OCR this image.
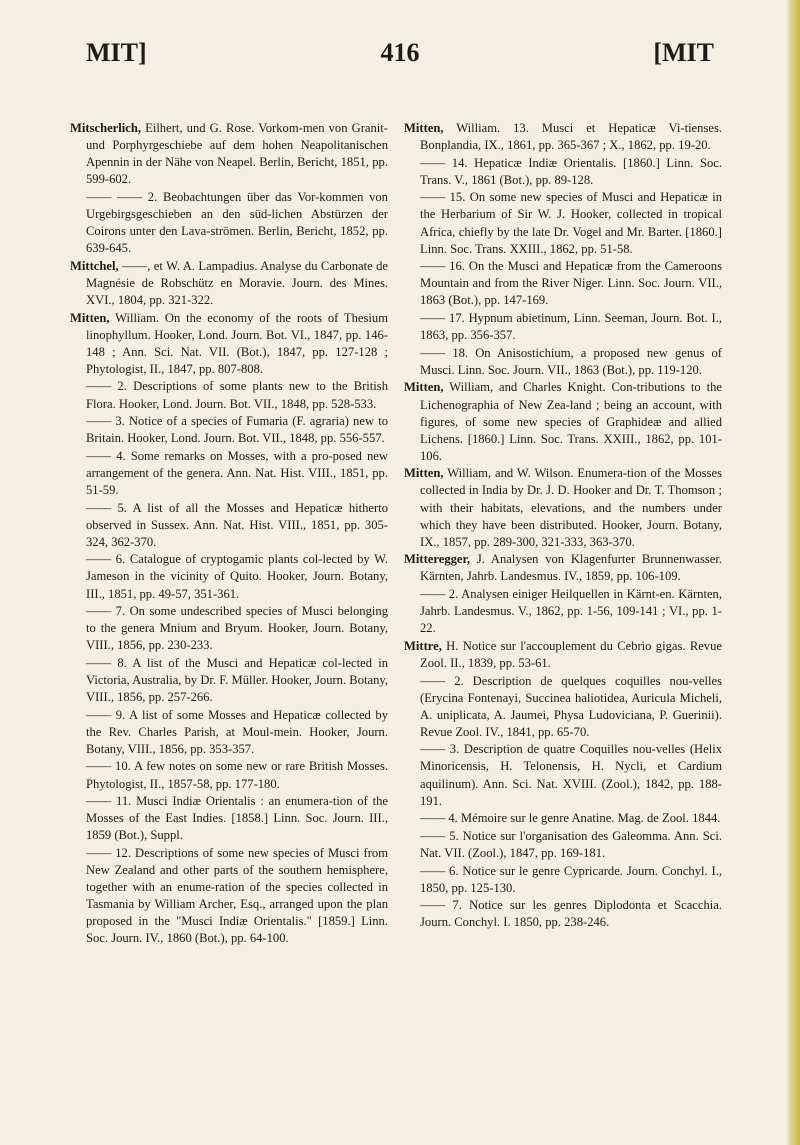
MIT]	416	[MIT

Mitscherlich, Eilhert, und G. Rose. Vorkom-men von Granit- und Porphyrgeschiebe auf dem hohen Neapolitanischen Apennin in der Nähe von Neapel. Berlin, Bericht, 1851, pp. 599-602.

—— —— 2. Beobachtungen über das Vor-kommen von Urgebirgsgeschieben an den süd-lichen Abstürzen der Coirons unter den Lava-strömen. Berlin, Bericht, 1852, pp. 639-645.

Mittchel, ——, et W. A. Lampadius. Analyse du Carbonate de Magnésie de Robschütz en Moravie. Journ. des Mines. XVI., 1804, pp. 321-322.

Mitten, William. On the economy of the roots of Thesium linophyllum. Hooker, Lond. Journ. Bot. VI., 1847, pp. 146-148 ; Ann. Sci. Nat. VII. (Bot.), 1847, pp. 127-128 ; Phytologist, II., 1847, pp. 807-808.

—— 2. Descriptions of some plants new to the British Flora. Hooker, Lond. Journ. Bot. VII., 1848, pp. 528-533.

—— 3. Notice of a species of Fumaria (F. agraria) new to Britain. Hooker, Lond. Journ. Bot. VII., 1848, pp. 556-557.

—— 4. Some remarks on Mosses, with a pro-posed new arrangement of the genera. Ann. Nat. Hist. VIII., 1851, pp. 51-59.

—— 5. A list of all the Mosses and Hepaticæ hitherto observed in Sussex. Ann. Nat. Hist. VIII., 1851, pp. 305-324, 362-370.

—— 6. Catalogue of cryptogamic plants col-lected by W. Jameson in the vicinity of Quito. Hooker, Journ. Botany, III., 1851, pp. 49-57, 351-361.

—— 7. On some undescribed species of Musci belonging to the genera Mnium and Bryum. Hooker, Journ. Botany, VIII., 1856, pp. 230-233.

—— 8. A list of the Musci and Hepaticæ col-lected in Victoria, Australia, by Dr. F. Müller. Hooker, Journ. Botany, VIII., 1856, pp. 257-266.

—— 9. A list of some Mosses and Hepaticæ collected by the Rev. Charles Parish, at Moul-mein. Hooker, Journ. Botany, VIII., 1856, pp. 353-357.

—— 10. A few notes on some new or rare British Mosses. Phytologist, II., 1857-58, pp. 177-180.

—— 11. Musci Indiæ Orientalis : an enumera-tion of the Mosses of the East Indies. [1858.] Linn. Soc. Journ. III., 1859 (Bot.), Suppl.

—— 12. Descriptions of some new species of Musci from New Zealand and other parts of the southern hemisphere, together with an enume-ration of the species collected in Tasmania by William Archer, Esq., arranged upon the plan proposed in the "Musci Indiæ Orientalis." [1859.] Linn. Soc. Journ. IV., 1860 (Bot.), pp. 64-100.

Mitten, William. 13. Musci et Hepaticæ Vi-tienses. Bonplandia, IX., 1861, pp. 365-367 ; X., 1862, pp. 19-20.

—— 14. Hepaticæ Indiæ Orientalis. [1860.] Linn. Soc. Trans. V., 1861 (Bot.), pp. 89-128.

—— 15. On some new species of Musci and Hepaticæ in the Herbarium of Sir W. J. Hooker, collected in tropical Africa, chiefly by the late Dr. Vogel and Mr. Barter. [1860.] Linn. Soc. Trans. XXIII., 1862, pp. 51-58.

—— 16. On the Musci and Hepaticæ from the Cameroons Mountain and from the River Niger. Linn. Soc. Journ. VII., 1863 (Bot.), pp. 147-169.

—— 17. Hypnum abietinum, Linn. Seeman, Journ. Bot. I., 1863, pp. 356-357.

—— 18. On Anisostichium, a proposed new genus of Musci. Linn. Soc. Journ. VII., 1863 (Bot.), pp. 119-120.

Mitten, William, and Charles Knight. Con-tributions to the Lichenographia of New Zea-land ; being an account, with figures, of some new species of Graphideæ and allied Lichens. [1860.] Linn. Soc. Trans. XXIII., 1862, pp. 101-106.

Mitten, William, and W. Wilson. Enumera-tion of the Mosses collected in India by Dr. J. D. Hooker and Dr. T. Thomson ; with their habitats, elevations, and the numbers under which they have been distributed. Hooker, Journ. Botany, IX., 1857, pp. 289-300, 321-333, 363-370.

Mitteregger, J. Analysen von Klagenfurter Brunnenwasser. Kärnten, Jahrb. Landesmus. IV., 1859, pp. 106-109.

—— 2. Analysen einiger Heilquellen in Kärnt-en. Kärnten, Jahrb. Landesmus. V., 1862, pp. 1-56, 109-141 ; VI., pp. 1-22.

Mittre, H. Notice sur l'accouplement du Cebrio gigas. Revue Zool. II., 1839, pp. 53-61.

—— 2. Description de quelques coquilles nou-velles (Erycina Fontenayi, Succinea haliotidea, Auricula Micheli, A. uniplicata, A. Jaumei, Physa Ludoviciana, P. Guerinii). Revue Zool. IV., 1841, pp. 65-70.

—— 3. Description de quatre Coquilles nou-velles (Helix Minoricensis, H. Telonensis, H. Nycli, et Cardium aquilinum). Ann. Sci. Nat. XVIII. (Zool.), 1842, pp. 188-191.

—— 4. Mémoire sur le genre Anatine. Mag. de Zool. 1844.

—— 5. Notice sur l'organisation des Galeomma. Ann. Sci. Nat. VII. (Zool.), 1847, pp. 169-181.

—— 6. Notice sur le genre Cypricarde. Journ. Conchyl. I., 1850, pp. 125-130.

—— 7. Notice sur les genres Diplodonta et Scacchia. Journ. Conchyl. I. 1850, pp. 238-246.
